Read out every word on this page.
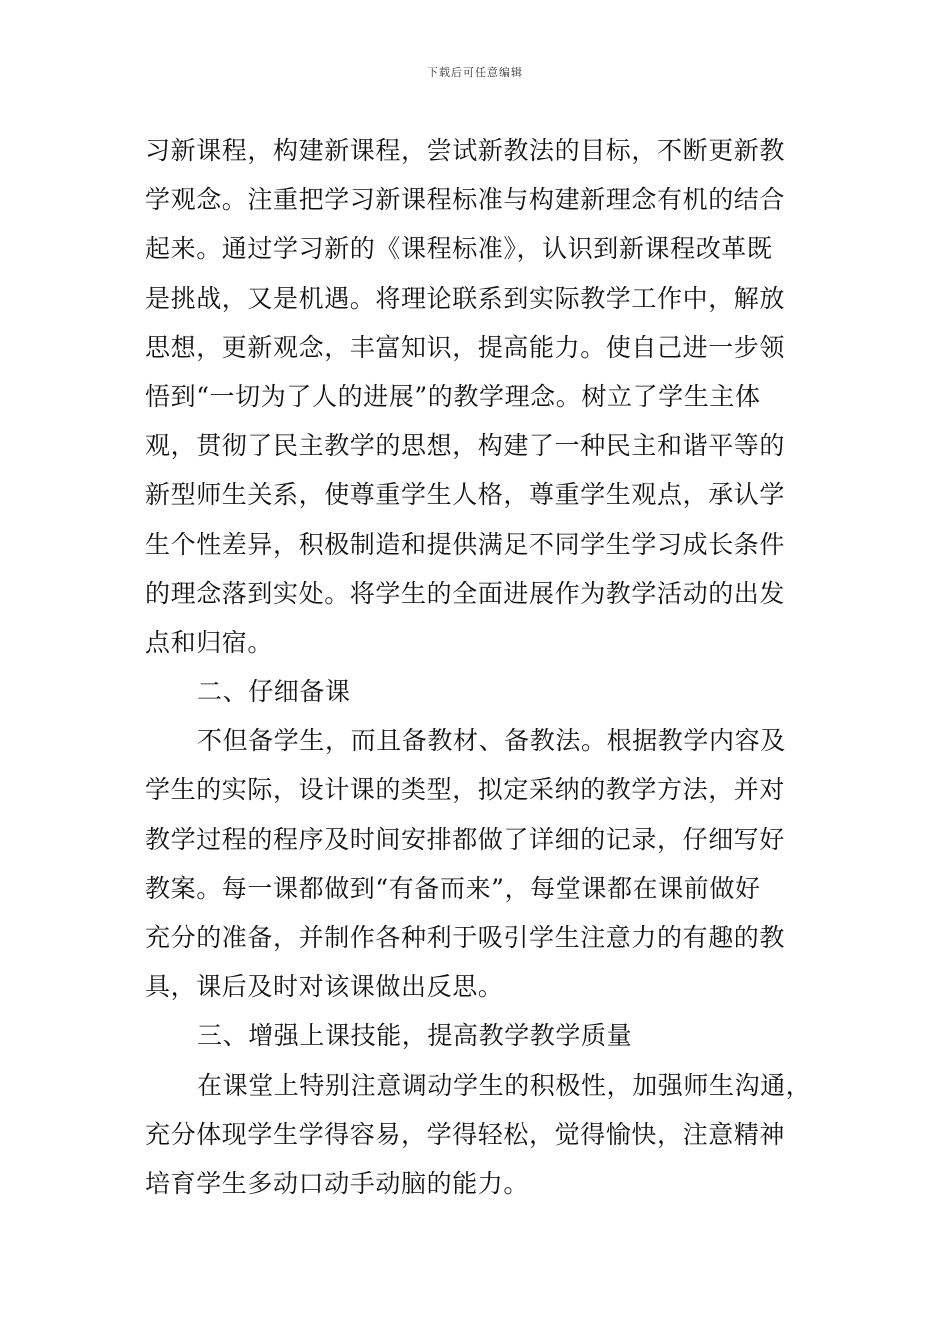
下载后可任意编辑
习新课程，构建新课程，尝试新教法的目标，不断更新教
学观念。注重把学习新课程标准与构建新理念有机的结合
起来。通过学习新的《课程标准》，认识到新课程改革既
是挑战，又是机遇。将理论联系到实际教学工作中，解放
思想，更新观念，丰富知识，提高能力。使自己进一步领
悟到“一切为了人的进展”的教学理念。树立了学生主体
观，贯彻了民主教学的思想，构建了一种民主和谐平等的
新型师生关系，使尊重学生人格，尊重学生观点，承认学
生个性差异，积极制造和提供满足不同学生学习成长条件
的理念落到实处。将学生的全面进展作为教学活动的出发
点和归宿。
二、仔细备课
不但备学生，而且备教材、备教法。根据教学内容及
学生的实际，设计课的类型，拟定采纳的教学方法，并对
教学过程的程序及时间安排都做了详细的记录，仔细写好
教案。每一课都做到“有备而来”，每堂课都在课前做好
充分的准备，并制作各种利于吸引学生注意力的有趣的教
具，课后及时对该课做出反思。
三、增强上课技能，提高教学教学质量
在课堂上特别注意调动学生的积极性，加强师生沟通，
充分体现学生学得容易，学得轻松，觉得愉快，注意精神
培育学生多动口动手动脑的能力。
